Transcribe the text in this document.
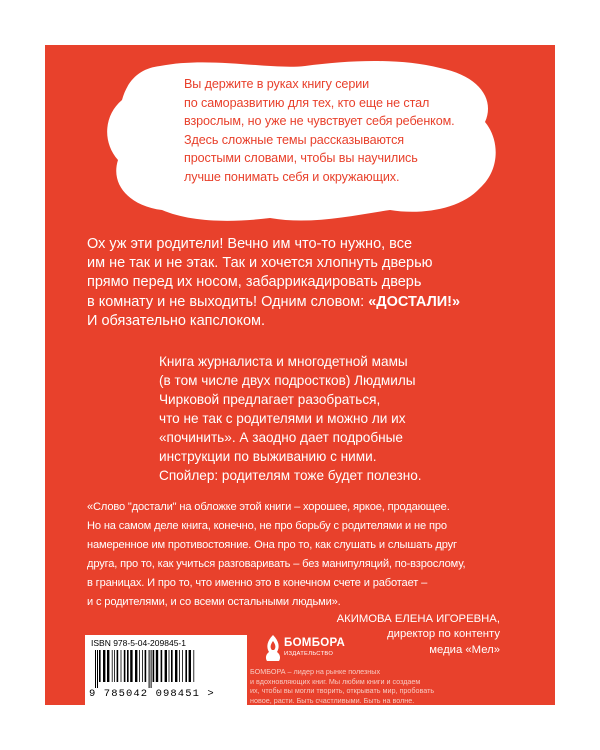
Вы держите в руках книгу серии
по саморазвитию для тех, кто еще не стал
взрослым, но уже не чувствует себя ребенком.
Здесь сложные темы рассказываются
простыми словами, чтобы вы научились
лучше понимать себя и окружающих.
Ох уж эти родители! Вечно им что-то нужно, все
им не так и не этак. Так и хочется хлопнуть дверью
прямо перед их носом, забаррикадировать дверь
в комнату и не выходить! Одним словом: «ДОСТАЛИ!»
И обязательно капслоком.
Книга журналиста и многодетной мамы
(в том числе двух подростков) Людмилы
Чирковой предлагает разобраться,
что не так с родителями и можно ли их
«починить». А заодно дает подробные
инструкции по выживанию с ними.
Спойлер: родителям тоже будет полезно.
«Слово "достали" на обложке этой книги – хорошее, яркое, продающее.
Но на самом деле книга, конечно, не про борьбу с родителями и не про
намеренное им противостояние. Она про то, как слушать и слышать друг
друга, про то, как учиться разговаривать – без манипуляций, по-взрослому,
в границах. И про то, что именно это в конечном счете и работает –
и с родителями, и со всеми остальными людьми».
АКИМОВА ЕЛЕНА ИГОРЕВНА,
директор по контенту
медиа «Мел»
ISBN 978-5-04-209845-1
9 785042 098451 >
БОМБОРА
ИЗДАТЕЛЬСТВО
БОМБОРА – лидер на рынке полезных
и вдохновляющих книг. Мы любим книги и создаем
их, чтобы вы могли творить, открывать мир, пробовать
новое, расти. Быть счастливыми. Быть на волне.
